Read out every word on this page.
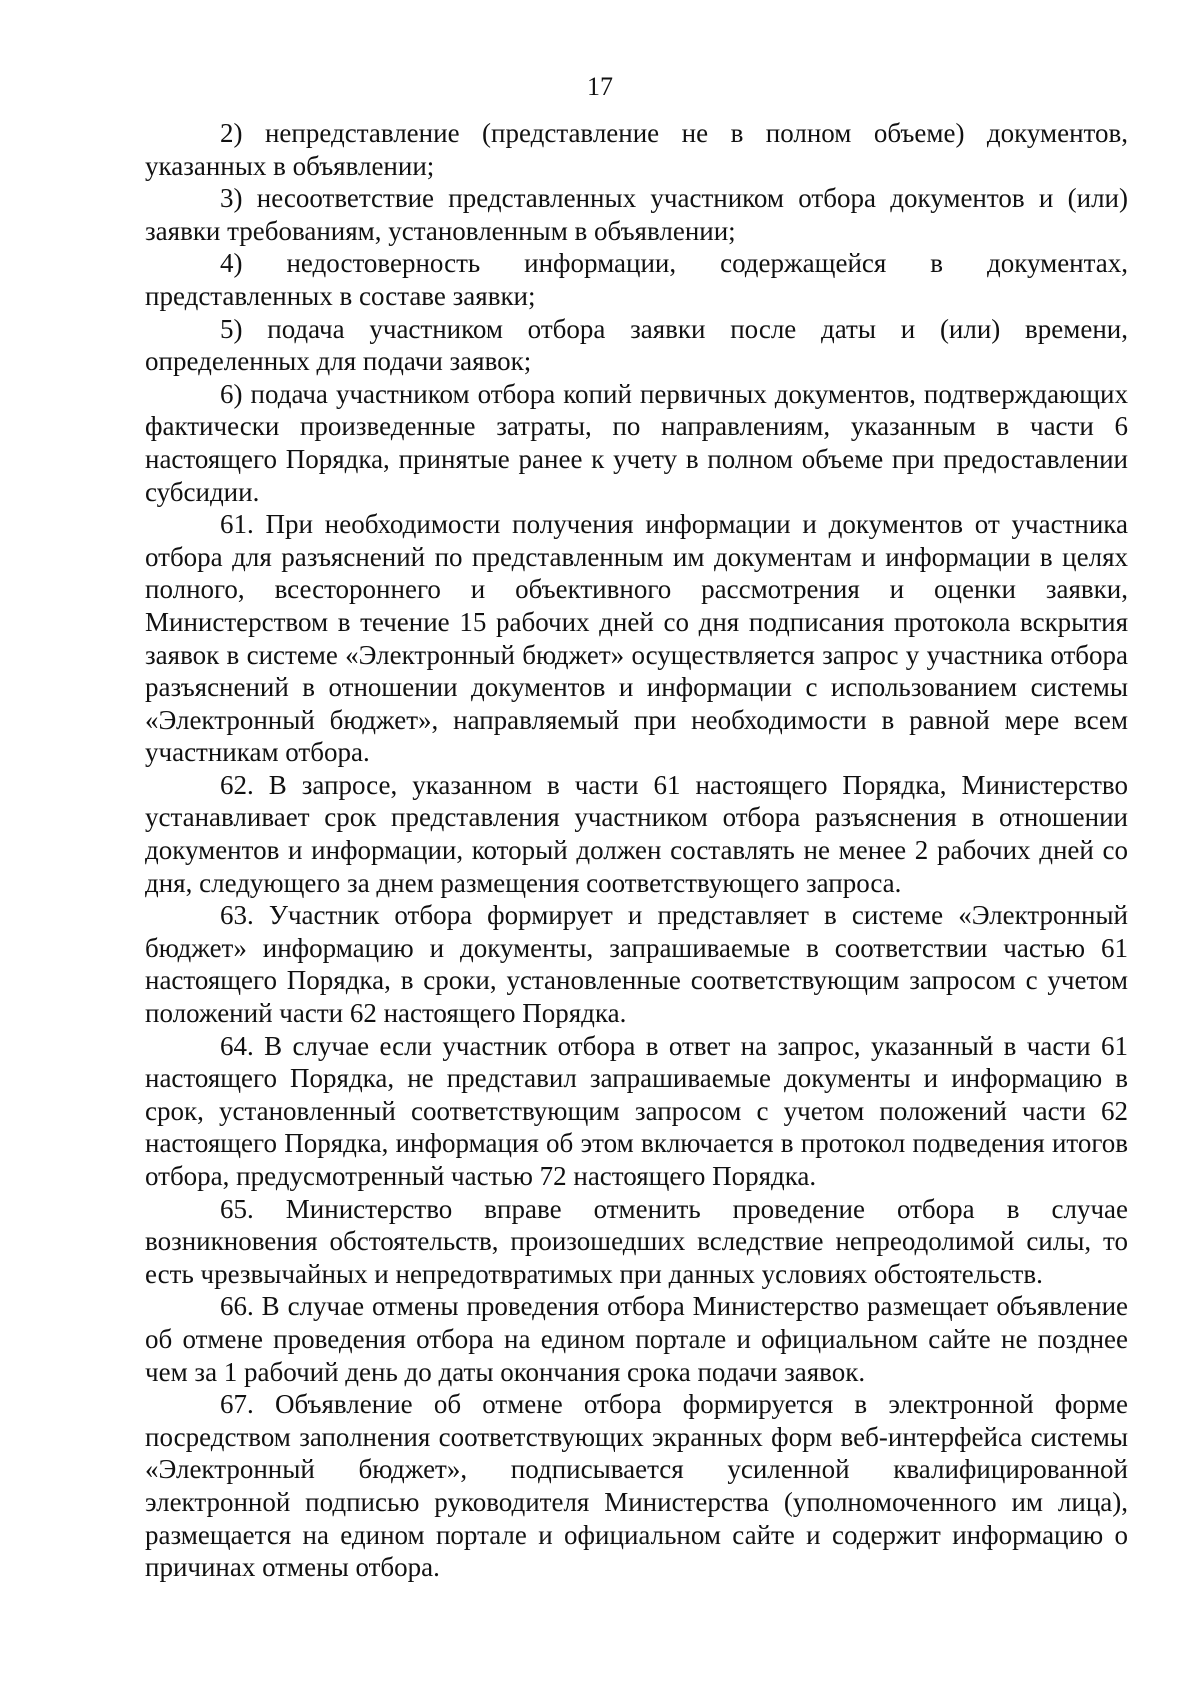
17

2) непредставление (представление не в полном объеме) документов, указанных в объявлении;

3) несоответствие представленных участником отбора документов и (или) заявки требованиям, установленным в объявлении;

4) недостоверность информации, содержащейся в документах, представленных в составе заявки;

5) подача участником отбора заявки после даты и (или) времени, определенных для подачи заявок;

6) подача участником отбора копий первичных документов, подтверждающих фактически произведенные затраты, по направлениям, указанным в части 6 настоящего Порядка, принятые ранее к учету в полном объеме при предоставлении субсидии.

61. При необходимости получения информации и документов от участника отбора для разъяснений по представленным им документам и информации в целях полного, всестороннего и объективного рассмотрения и оценки заявки, Министерством в течение 15 рабочих дней со дня подписания протокола вскрытия заявок в системе «Электронный бюджет» осуществляется запрос у участника отбора разъяснений в отношении документов и информации с использованием системы «Электронный бюджет», направляемый при необходимости в равной мере всем участникам отбора.

62. В запросе, указанном в части 61 настоящего Порядка, Министерство устанавливает срок представления участником отбора разъяснения в отношении документов и информации, который должен составлять не менее 2 рабочих дней со дня, следующего за днем размещения соответствующего запроса.

63. Участник отбора формирует и представляет в системе «Электронный бюджет» информацию и документы, запрашиваемые в соответствии частью 61 настоящего Порядка, в сроки, установленные соответствующим запросом с учетом положений части 62 настоящего Порядка.

64. В случае если участник отбора в ответ на запрос, указанный в части 61 настоящего Порядка, не представил запрашиваемые документы и информацию в срок, установленный соответствующим запросом с учетом положений части 62 настоящего Порядка, информация об этом включается в протокол подведения итогов отбора, предусмотренный частью 72 настоящего Порядка.

65. Министерство вправе отменить проведение отбора в случае возникновения обстоятельств, произошедших вследствие непреодолимой силы, то есть чрезвычайных и непредотвратимых при данных условиях обстоятельств.

66. В случае отмены проведения отбора Министерство размещает объявление об отмене проведения отбора на едином портале и официальном сайте не позднее чем за 1 рабочий день до даты окончания срока подачи заявок.

67. Объявление об отмене отбора формируется в электронной форме посредством заполнения соответствующих экранных форм веб-интерфейса системы «Электронный бюджет», подписывается усиленной квалифицированной электронной подписью руководителя Министерства (уполномоченного им лица), размещается на едином портале и официальном сайте и содержит информацию о причинах отмены отбора.
